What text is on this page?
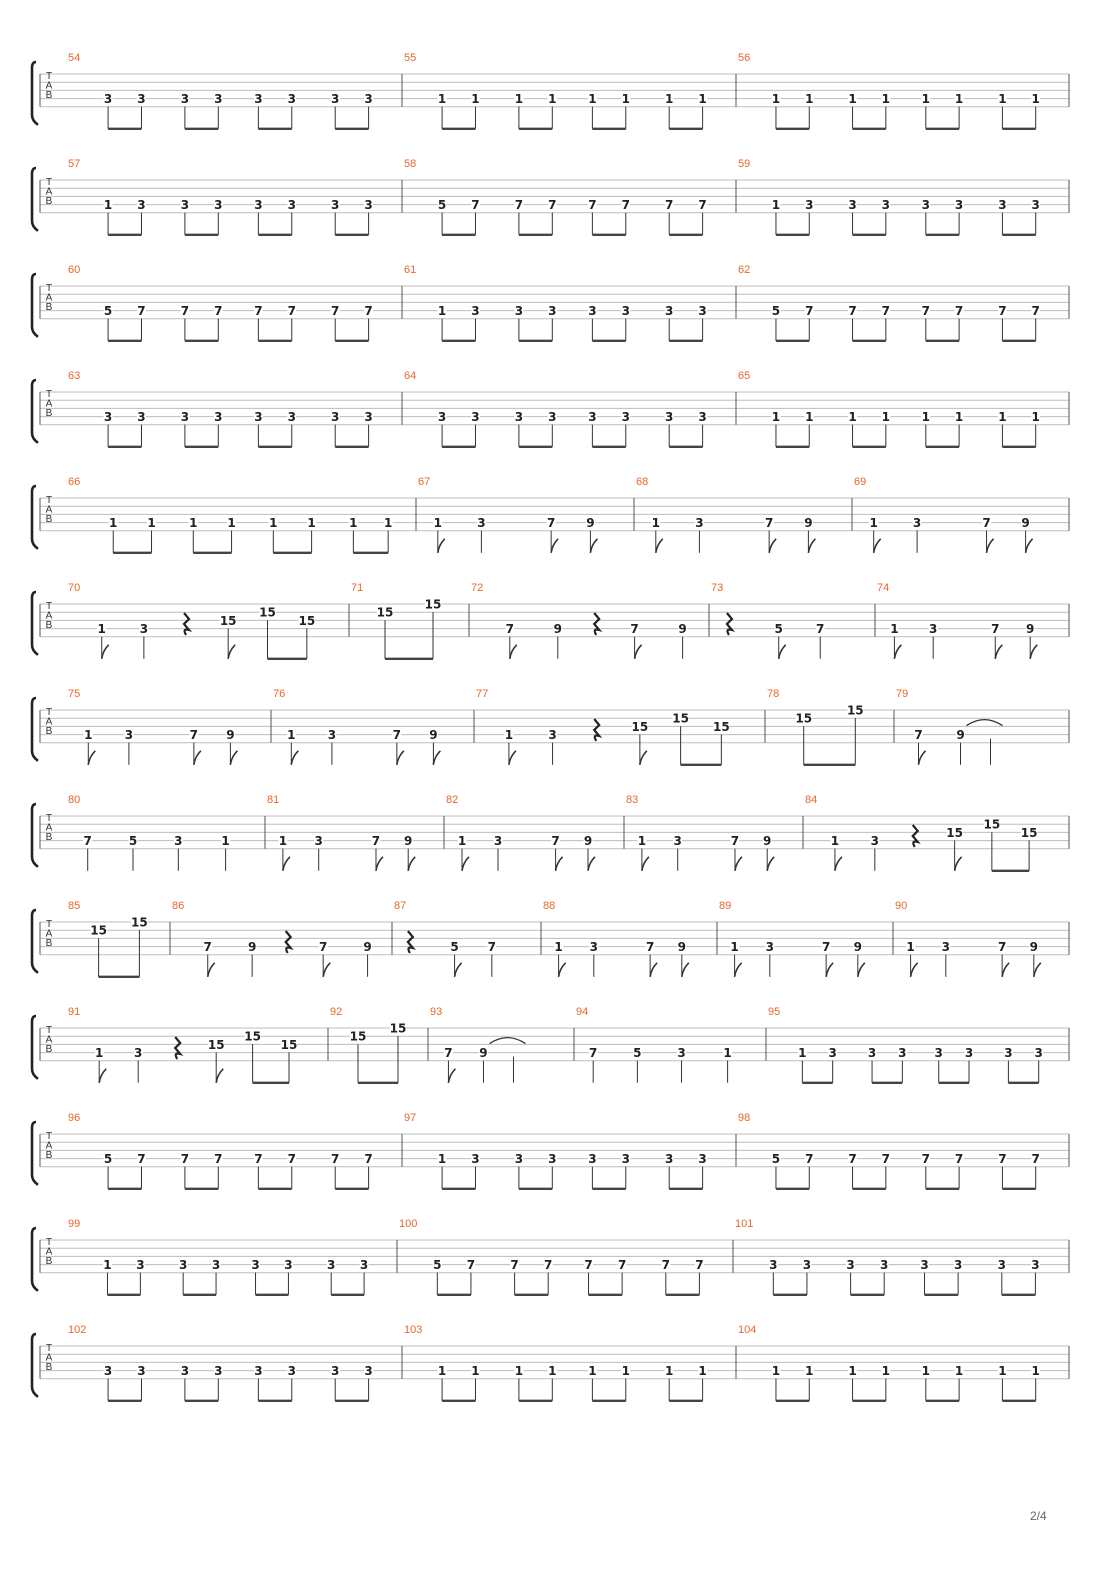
T
A
B
54
3 3	3 3	3 3	3 3
55
1 1	1 1	1 1	1 1
56
1 1	1 1	1 1	1 1
T
A
B
57
1 3	3 3	3 3	3 3
58
5 7	7 7	7 7	7 7
59
1 3	3 3	3 3	3 3
T
A
B
60
5 7	7 7	7 7	7 7
61
1 3	3 3	3 3	3 3
62
5 7	7 7	7 7	7 7
T
A
B
63
3 3	3 3	3 3	3 3
64
3 3	3 3	3 3	3 3
65
1 1	1 1	1 1	1 1
T
A
B
66
1 1	1 1	1 1	1 1
67
1	3	7	9
68
1	3	7	9
69
1	3	7	9
T
A
B
70
1	3
15
15
15
71
15
15
72
7	9	7	9
73
5	7
74
1	3	7 9
T
A
B
75
1	3	7 9
76
1	3	7 9
77
1	3
15
15
15
78
15
15
79
7	9
T
A
B
80
7	5	3	1
81
1 3	7 9
82
1 3	7 9
83
1 3	7 9
84
1	3
15
15
15
T
A
B
85
15
15
86
7	9	7	9
87
5 7
88
1 3	7 9
89
1 3	7 9
90
1 3	7 9
T
A
B
91
1	3
15
15
15
92
15
15
93
7 9
94
7	5	3	1
95
1 3	3 3 3 3	3 3
T
A
B
96
5 7	7 7	7 7	7 7
97
1 3	3 3	3 3	3 3
98
5 7	7 7	7 7	7 7
T
A
B
99
1 3	3 3	3 3	3 3
100
5 7	7 7	7 7	7 7
101
3 3	3 3	3 3	3 3
T
A
B
102
3 3	3 3	3 3	3 3
103
1 1	1 1	1 1	1 1
104
1 1	1 1	1 1	1 1
2/4
